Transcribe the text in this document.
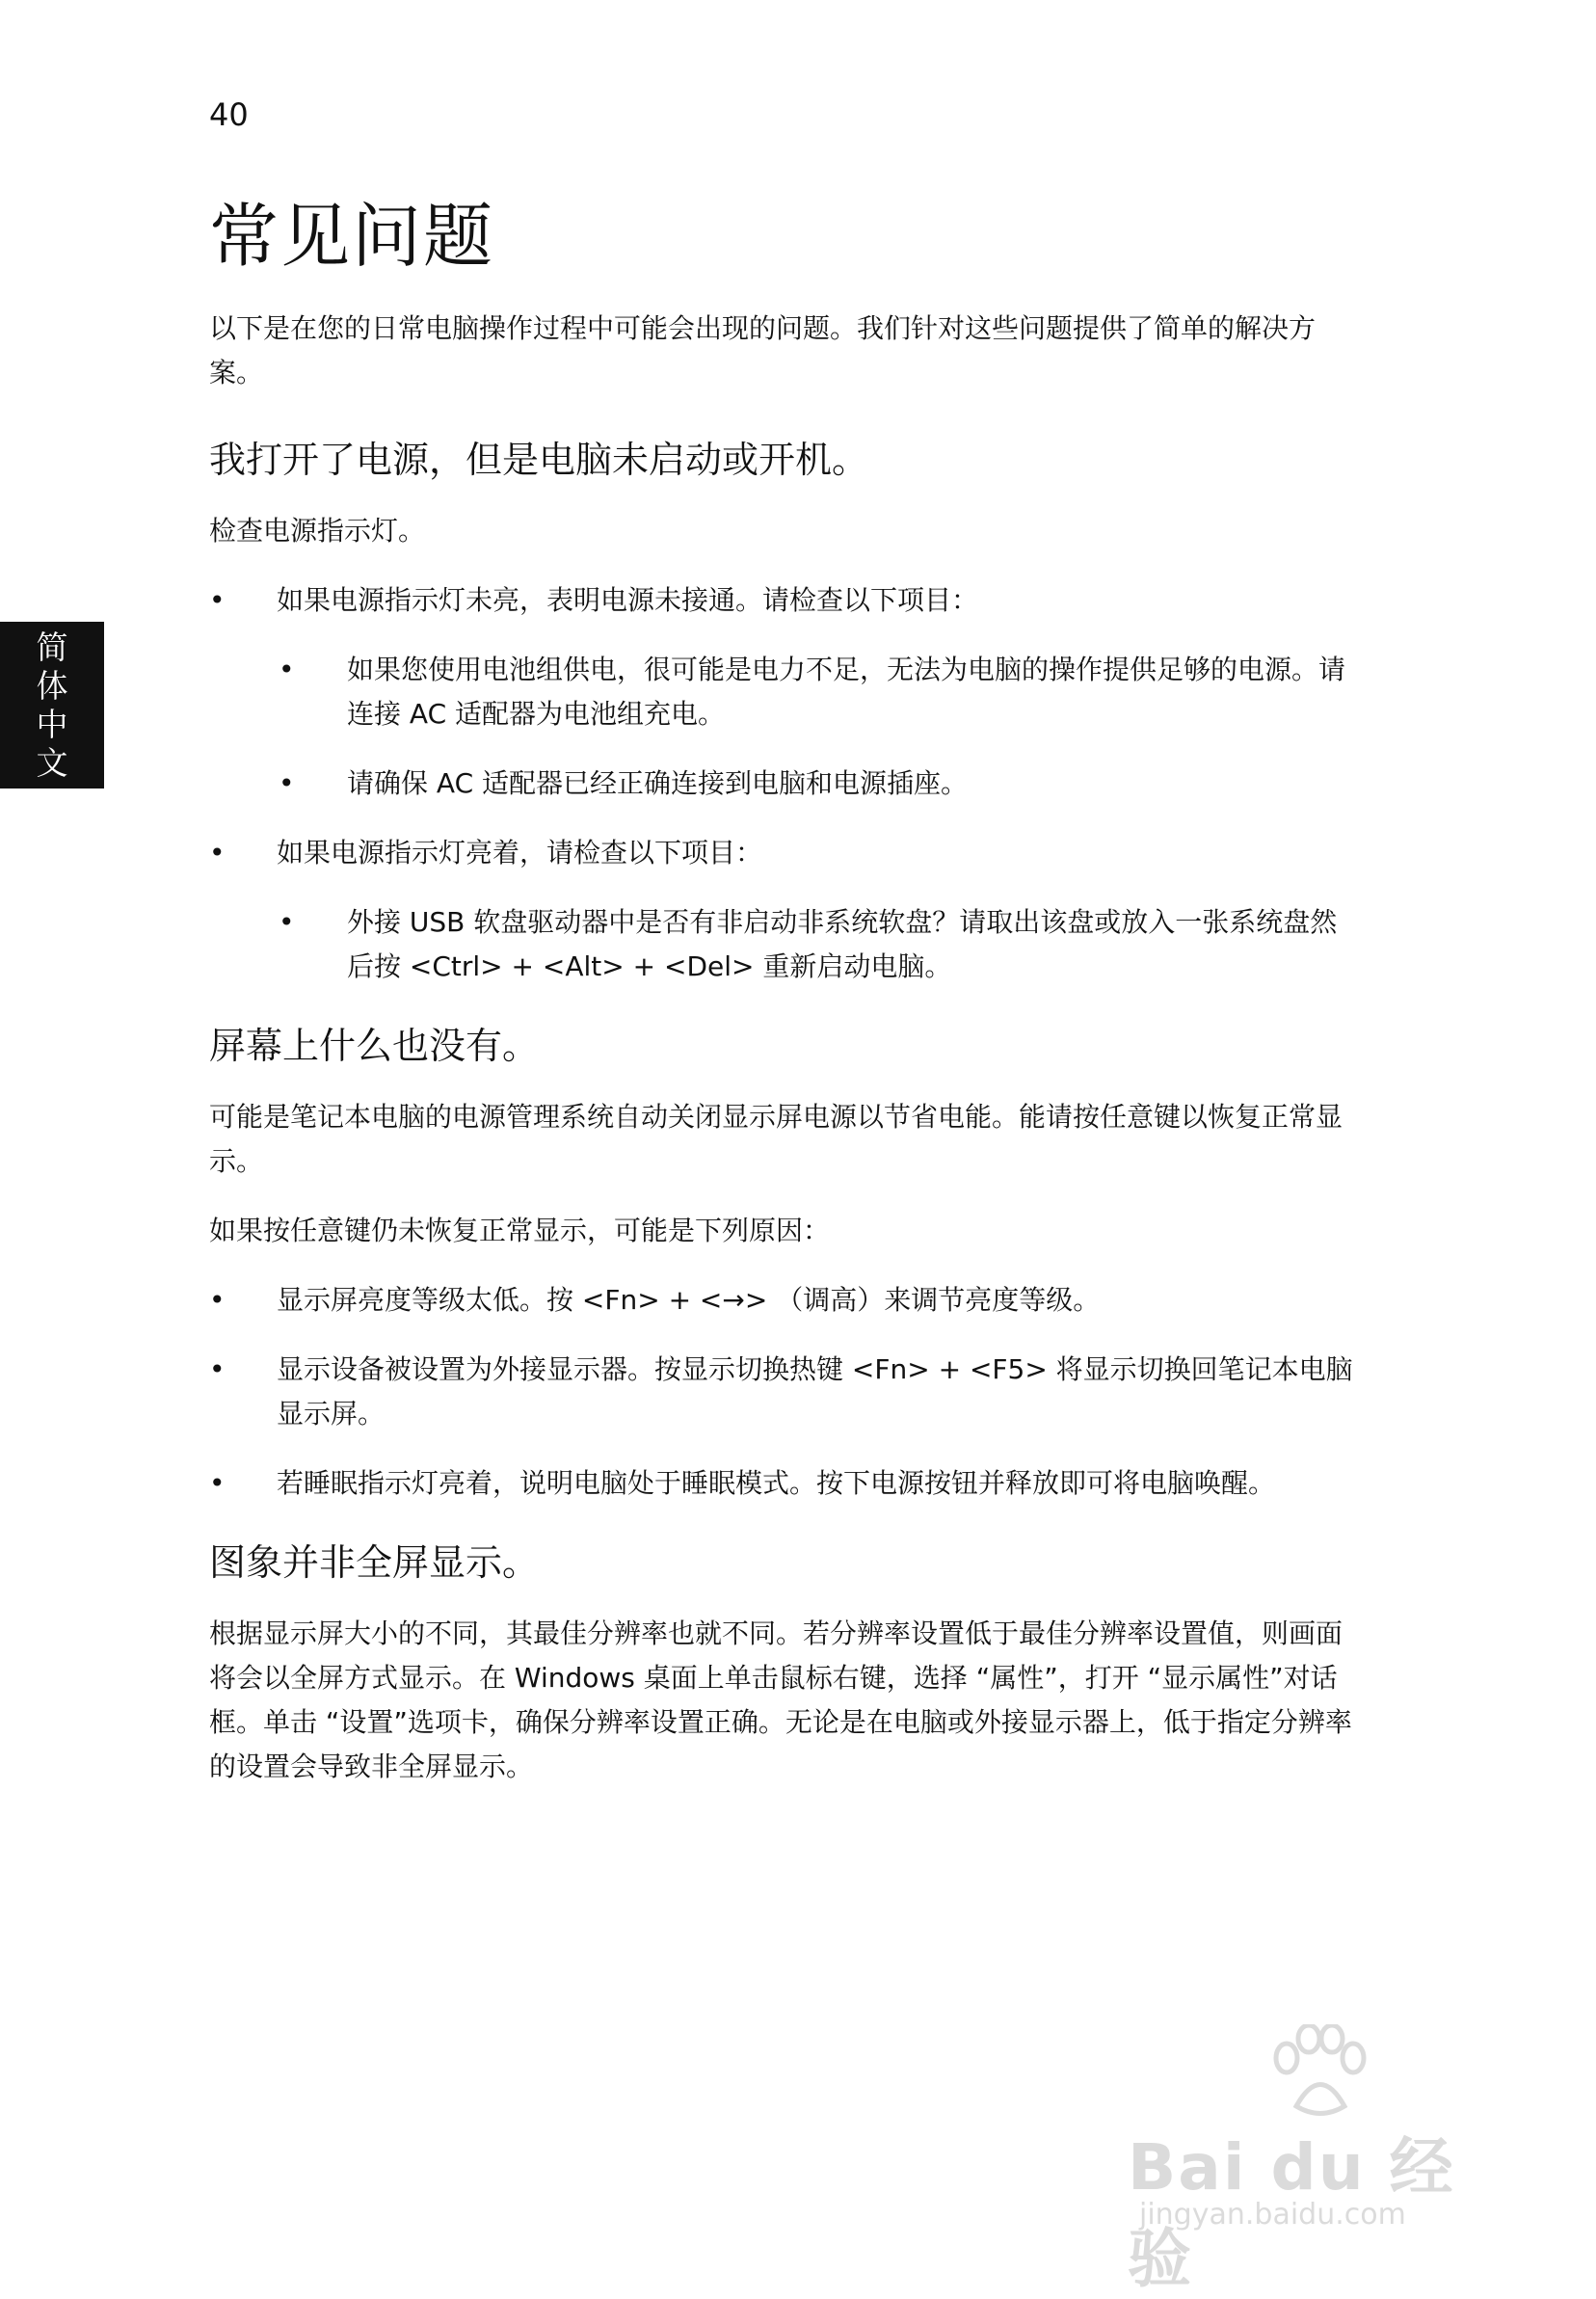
40
简
体
中
文
常见问题

以下是在您的日常电脑操作过程中可能会出现的问题。我们针对这些问题提供了简单的解决方案。

我打开了电源，但是电脑未启动或开机。

检查电源指示灯。

• 如果电源指示灯未亮，表明电源未接通。请检查以下项目：
•	如果您使用电池组供电，很可能是电力不足，无法为电脑的操作提供足够的电源。请连接 AC 适配器为电池组充电。
•	请确保 AC 适配器已经正确连接到电脑和电源插座。
• 如果电源指示灯亮着，请检查以下项目：
•	外接 USB 软盘驱动器中是否有非启动非系统软盘？请取出该盘或放入一张系统盘然后按 <Ctrl> + <Alt> + <Del> 重新启动电脑。
屏幕上什么也没有。

可能是笔记本电脑的电源管理系统自动关闭显示屏电源以节省电能。能请按任意键以恢复正常显示。

如果按任意键仍未恢复正常显示，可能是下列原因：

• 显示屏亮度等级太低。按 <Fn> + <→> （调高）来调节亮度等级。
• 显示设备被设置为外接显示器。按显示切换热键 <Fn> + <F5> 将显示切换回笔记本电脑显示屏。
• 若睡眠指示灯亮着，说明电脑处于睡眠模式。按下电源按钮并释放即可将电脑唤醒。
图象并非全屏显示。

根据显示屏大小的不同，其最佳分辨率也就不同。若分辨率设置低于最佳分辨率设置值，则画面将会以全屏方式显示。在 Windows 桌面上单击鼠标右键，选择 “属性”，打开 “显示属性”对话框。单击 “设置”选项卡，确保分辨率设置正确。无论是在电脑或外接显示器上，低于指定分辨率的设置会导致非全屏显示。

Bai du 经验
jingyan.baidu.com
